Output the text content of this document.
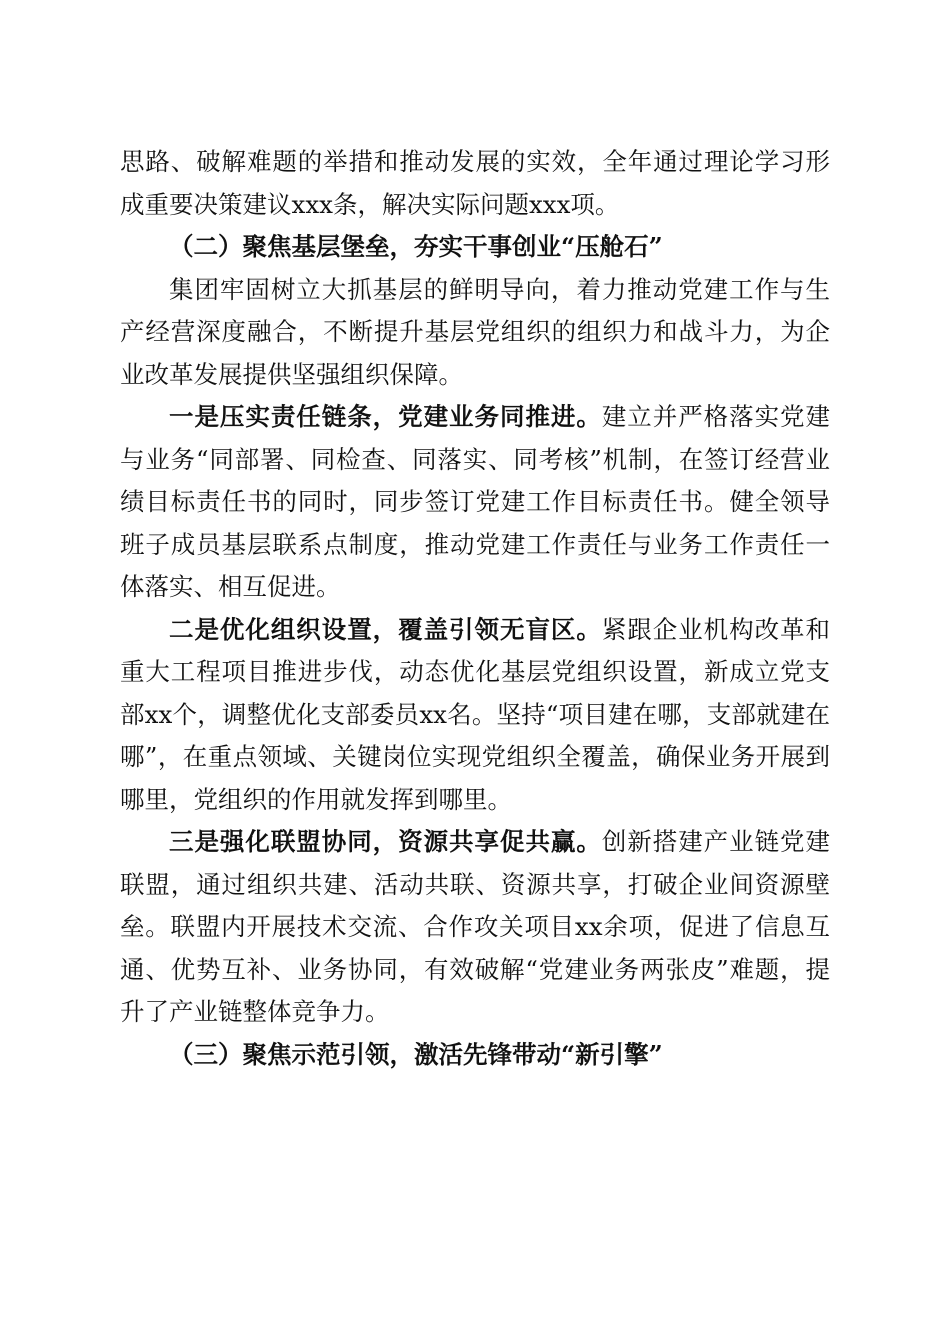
思路、破解难题的举措和推动发展的实效，全年通过理论学习形成重要决策建议xxx条，解决实际问题xxx项。

（二）聚焦基层堡垒，夯实干事创业“压舱石”

集团牢固树立大抓基层的鲜明导向，着力推动党建工作与生产经营深度融合，不断提升基层党组织的组织力和战斗力，为企业改革发展提供坚强组织保障。

一是压实责任链条，党建业务同推进。建立并严格落实党建与业务“同部署、同检查、同落实、同考核”机制，在签订经营业绩目标责任书的同时，同步签订党建工作目标责任书。健全领导班子成员基层联系点制度，推动党建工作责任与业务工作责任一体落实、相互促进。

二是优化组织设置，覆盖引领无盲区。紧跟企业机构改革和重大工程项目推进步伐，动态优化基层党组织设置，新成立党支部xx个，调整优化支部委员xx名。坚持“项目建在哪，支部就建在哪”，在重点领域、关键岗位实现党组织全覆盖，确保业务开展到哪里，党组织的作用就发挥到哪里。

三是强化联盟协同，资源共享促共赢。创新搭建产业链党建联盟，通过组织共建、活动共联、资源共享，打破企业间资源壁垒。联盟内开展技术交流、合作攻关项目xx余项，促进了信息互通、优势互补、业务协同，有效破解“党建业务两张皮”难题，提升了产业链整体竞争力。

（三）聚焦示范引领，激活先锋带动“新引擎”
